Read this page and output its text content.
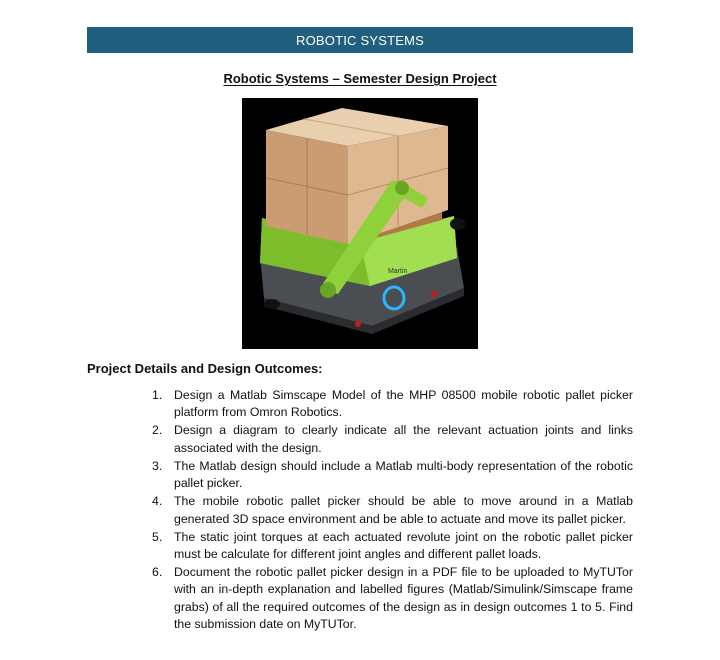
ROBOTIC SYSTEMS
Robotic Systems – Semester Design Project
Martin
Project Details and Design Outcomes:
1. Design a Matlab Simscape Model of the MHP 08500 mobile robotic pallet picker platform from Omron Robotics.
2. Design a diagram to clearly indicate all the relevant actuation joints and links associated with the design.
3. The Matlab design should include a Matlab multi-body representation of the robotic pallet picker.
4. The mobile robotic pallet picker should be able to move around in a Matlab generated 3D space environment and be able to actuate and move its pallet picker.
5. The static joint torques at each actuated revolute joint on the robotic pallet picker must be calculate for different joint angles and different pallet loads.
6. Document the robotic pallet picker design in a PDF file to be uploaded to MyTUTor with an in-depth explanation and labelled figures (Matlab/Simulink/Simscape frame grabs) of all the required outcomes of the design as in design outcomes 1 to 5. Find the submission date on MyTUTor.
